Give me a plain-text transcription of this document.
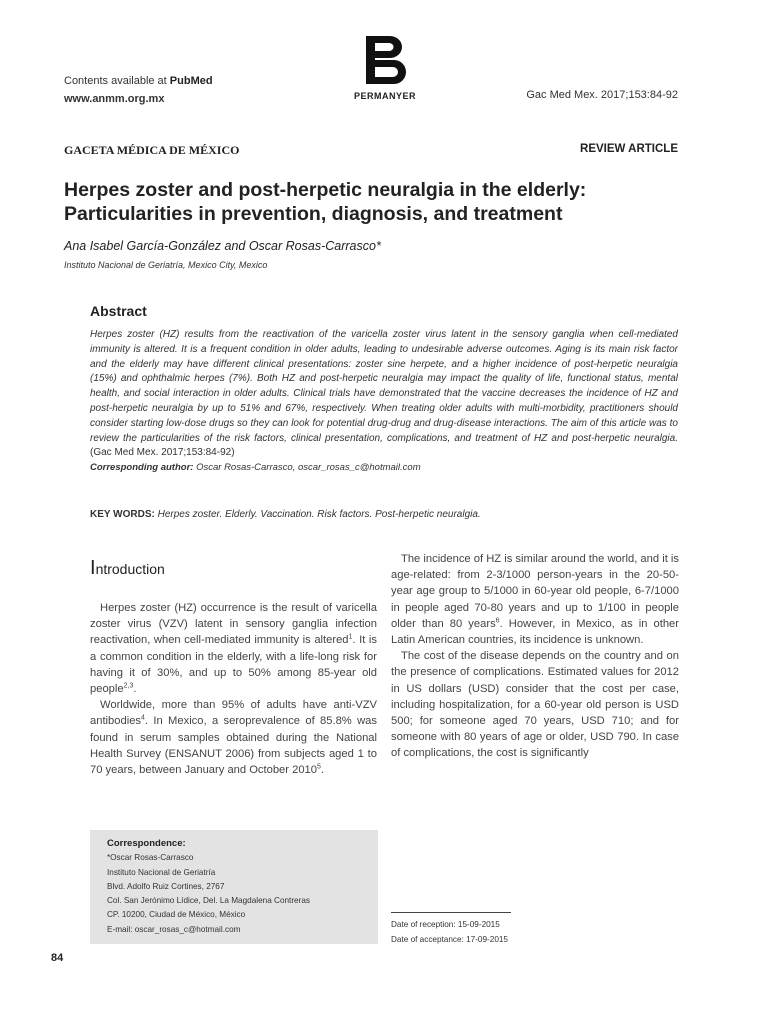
Contents available at PubMed
www.anmm.org.mx	PERMANYER	Gac Med Mex. 2017;153:84-92
GACETA MÉDICA DE MÉXICO	REVIEW ARTICLE
Herpes zoster and post-herpetic neuralgia in the elderly:
Particularities in prevention, diagnosis, and treatment
Ana Isabel García-González and Oscar Rosas-Carrasco*
Instituto Nacional de Geriatría, Mexico City, Mexico
Abstract
Herpes zoster (HZ) results from the reactivation of the varicella zoster virus latent in the sensory ganglia when cell-mediated immunity is altered. It is a frequent condition in older adults, leading to undesirable adverse outcomes. Aging is its main risk factor and the elderly may have different clinical presentations: zoster sine herpete, and a higher incidence of post-herpetic neuralgia (15%) and ophthalmic herpes (7%). Both HZ and post-herpetic neuralgia may impact the quality of life, functional status, mental health, and social interaction in older adults. Clinical trials have demonstrated that the vaccine decreases the incidence of HZ and post-herpetic neuralgia by up to 51% and 67%, respectively. When treating older adults with multi-morbidity, practitioners should consider starting low-dose drugs so they can look for potential drug-drug and drug-disease interactions. The aim of this article was to review the particularities of the risk factors, clinical presentation, complications, and treatment of HZ and post-herpetic neuralgia. (Gac Med Mex. 2017;153:84-92)
Corresponding author: Oscar Rosas-Carrasco, oscar_rosas_c@hotmail.com
KEY WORDS: Herpes zoster. Elderly. Vaccination. Risk factors. Post-herpetic neuralgia.
Introduction

Herpes zoster (HZ) occurrence is the result of varicella zoster virus (VZV) latent in sensory ganglia infection reactivation, when cell-mediated immunity is altered$^1$. It is a common condition in the elderly, with a life-long risk for having it of 30%, and up to 50% among 85-year old people$^{2,3}$.

Worldwide, more than 95% of adults have anti-VZV antibodies$^4$. In Mexico, a seroprevalence of 85.8% was found in serum samples obtained during the National Health Survey (ENSANUT 2006) from subjects aged 1 to 70 years, between January and October 2010$^5$.

The incidence of HZ is similar around the world, and it is age-related: from 2-3/1000 person-years in the 20-50-year age group to 5/1000 in 60-year old people, 6-7/1000 in people aged 70-80 years and up to 1/100 in people older than 80 years$^6$. However, in Mexico, as in other Latin American countries, its incidence is unknown.

The cost of the disease depends on the country and on the presence of complications. Estimated values for 2012 in US dollars (USD) consider that the cost per case, including hospitalization, for a 60-year old person is USD 500; for someone aged 70 years, USD 710; and for someone with 80 years of age or older, USD 790. In case of complications, the cost is significantly

Correspondence:
*Oscar Rosas-Carrasco
Instituto Nacional de Geriatría
Blvd. Adolfo Ruiz Cortines, 2767
Col. San Jerónimo Lídice, Del. La Magdalena Contreras
CP. 10200, Ciudad de México, México
E-mail: oscar_rosas_c@hotmail.com
Date of reception: 15-09-2015
Date of acceptance: 17-09-2015
84
